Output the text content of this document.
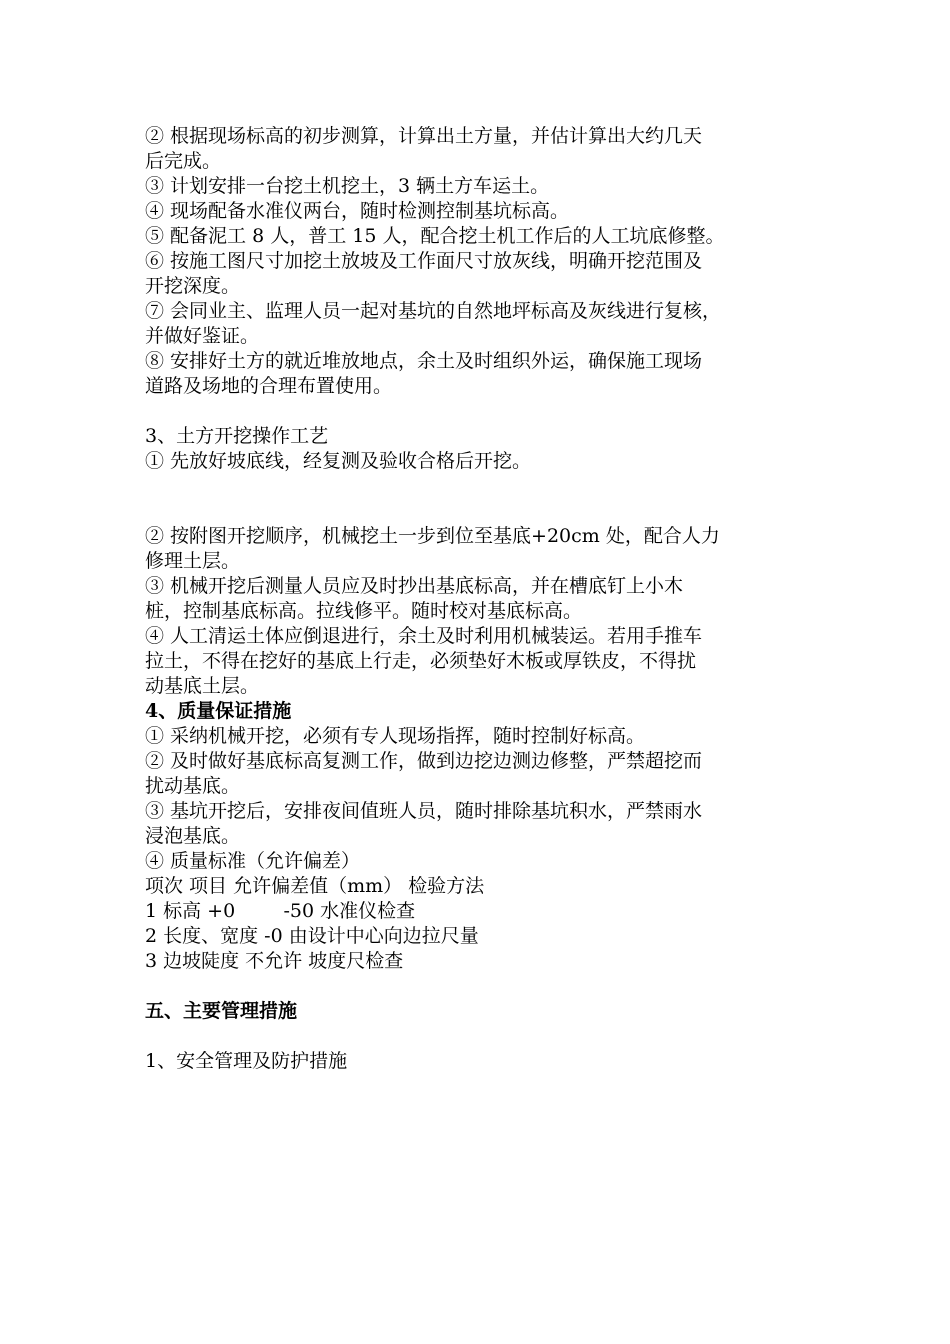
② 根据现场标高的初步测算，计算出土方量，并估计算出大约几天
后完成。
③ 计划安排一台挖土机挖土，3 辆土方车运土。
④ 现场配备水准仪两台，随时检测控制基坑标高。
⑤ 配备泥工 8 人，普工 15 人，配合挖土机工作后的人工坑底修整。
⑥ 按施工图尺寸加挖土放坡及工作面尺寸放灰线，明确开挖范围及
开挖深度。
⑦ 会同业主、监理人员一起对基坑的自然地坪标高及灰线进行复核，
并做好鉴证。
⑧ 安排好土方的就近堆放地点，余土及时组织外运，确保施工现场
道路及场地的合理布置使用。
3、土方开挖操作工艺
① 先放好坡底线，经复测及验收合格后开挖。
② 按附图开挖顺序，机械挖土一步到位至基底+20cm 处，配合人力
修理土层。
③ 机械开挖后测量人员应及时抄出基底标高，并在槽底钉上小木
桩，控制基底标高。拉线修平。随时校对基底标高。
④ 人工清运土体应倒退进行，余土及时利用机械装运。若用手推车
拉土，不得在挖好的基底上行走，必须垫好木板或厚铁皮，不得扰
动基底土层。
4、质量保证措施
① 采纳机械开挖，必须有专人现场指挥，随时控制好标高。
② 及时做好基底标高复测工作，做到边挖边测边修整，严禁超挖而
扰动基底。
③ 基坑开挖后，安排夜间值班人员，随时排除基坑积水，严禁雨水
浸泡基底。
④ 质量标准（允许偏差）
项次 项目 允许偏差值（mm） 检验方法
1 标高 +0        -50 水准仪检查
2 长度、宽度 -0 由设计中心向边拉尺量
3 边坡陡度 不允许 坡度尺检查
五、主要管理措施
1、安全管理及防护措施
